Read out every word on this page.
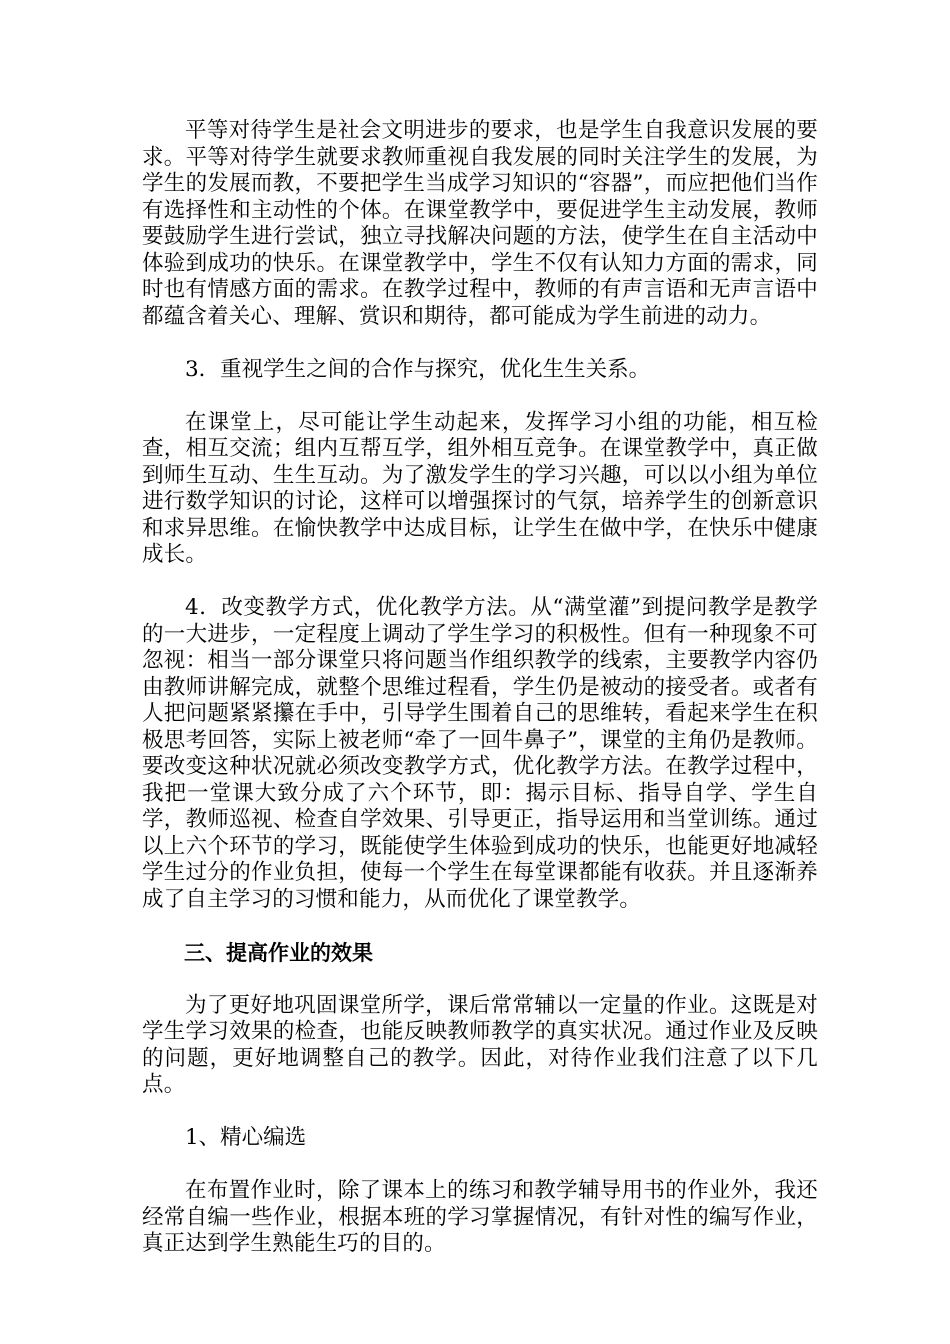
平等对待学生是社会文明进步的要求，也是学生自我意识发展的要求。平等对待学生就要求教师重视自我发展的同时关注学生的发展，为学生的发展而教，不要把学生当成学习知识的“容器”，而应把他们当作有选择性和主动性的个体。在课堂教学中，要促进学生主动发展，教师要鼓励学生进行尝试，独立寻找解决问题的方法，使学生在自主活动中体验到成功的快乐。在课堂教学中，学生不仅有认知力方面的需求，同时也有情感方面的需求。在教学过程中，教师的有声言语和无声言语中都蕴含着关心、理解、赏识和期待，都可能成为学生前进的动力。

3．重视学生之间的合作与探究，优化生生关系。

在课堂上，尽可能让学生动起来，发挥学习小组的功能，相互检查，相互交流；组内互帮互学，组外相互竞争。在课堂教学中，真正做到师生互动、生生互动。为了激发学生的学习兴趣，可以以小组为单位进行数学知识的讨论，这样可以增强探讨的气氛，培养学生的创新意识和求异思维。在愉快教学中达成目标，让学生在做中学，在快乐中健康成长。

4．改变教学方式，优化教学方法。从“满堂灌”到提问教学是教学的一大进步，一定程度上调动了学生学习的积极性。但有一种现象不可忽视：相当一部分课堂只将问题当作组织教学的线索，主要教学内容仍由教师讲解完成，就整个思维过程看，学生仍是被动的接受者。或者有人把问题紧紧攥在手中，引导学生围着自己的思维转，看起来学生在积极思考回答，实际上被老师“牵了一回牛鼻子”，课堂的主角仍是教师。要改变这种状况就必须改变教学方式，优化教学方法。在教学过程中，我把一堂课大致分成了六个环节，即：揭示目标、指导自学、学生自学，教师巡视、检查自学效果、引导更正，指导运用和当堂训练。通过以上六个环节的学习，既能使学生体验到成功的快乐，也能更好地减轻学生过分的作业负担，使每一个学生在每堂课都能有收获。并且逐渐养成了自主学习的习惯和能力，从而优化了课堂教学。

三、提高作业的效果

为了更好地巩固课堂所学，课后常常辅以一定量的作业。这既是对学生学习效果的检查，也能反映教师教学的真实状况。通过作业及反映的问题，更好地调整自己的教学。因此，对待作业我们注意了以下几点。

1、精心编选

在布置作业时，除了课本上的练习和教学辅导用书的作业外，我还经常自编一些作业，根据本班的学习掌握情况，有针对性的编写作业，真正达到学生熟能生巧的目的。
